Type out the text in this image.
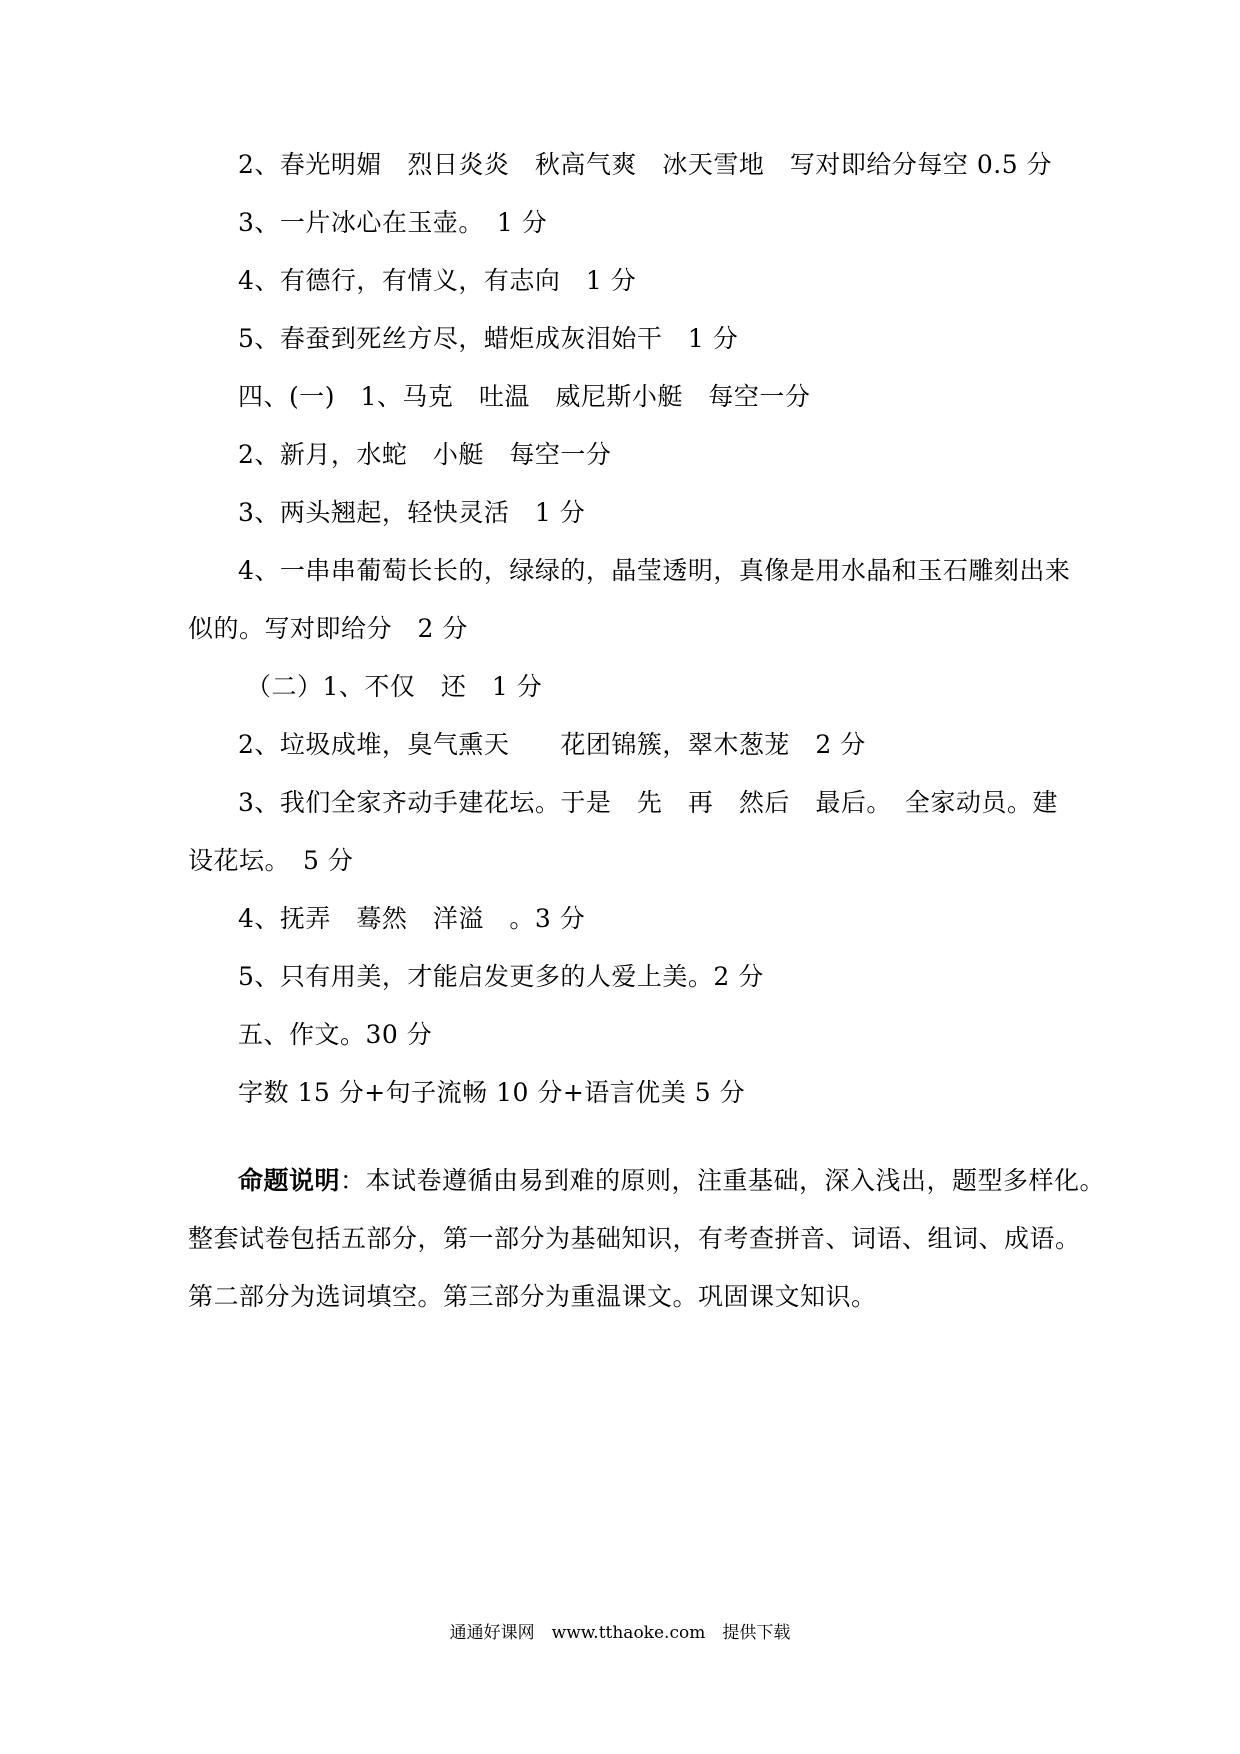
2、春光明媚　烈日炎炎　秋高气爽　冰天雪地　写对即给分每空 0.5 分
3、一片冰心在玉壶。　1 分
4、有德行，有情义，有志向　1 分
5、春蚕到死丝方尽，蜡炬成灰泪始干　1 分
四、(一)　1、马克　吐温　威尼斯小艇　每空一分
2、新月，水蛇　小艇　每空一分
3、两头翘起，轻快灵活　1 分
4、一串串葡萄长长的，绿绿的，晶莹透明，真像是用水晶和玉石雕刻出来
似的。写对即给分　2 分
（二）1、不仅　还　1 分
2、垃圾成堆，臭气熏天　　花团锦簇，翠木葱茏　2 分
3、我们全家齐动手建花坛。于是　先　再　然后　最后。　全家动员。建
设花坛。　5 分
4、抚弄　蓦然　洋溢　。3 分
5、只有用美，才能启发更多的人爱上美。2 分
五、作文。30 分
字数 15 分+句子流畅 10 分+语言优美 5 分
命题说明：本试卷遵循由易到难的原则，注重基础，深入浅出，题型多样化。
整套试卷包括五部分，第一部分为基础知识，有考查拼音、词语、组词、成语。
第二部分为选词填空。第三部分为重温课文。巩固课文知识。
通通好课网　www.tthaoke.com　提供下载
